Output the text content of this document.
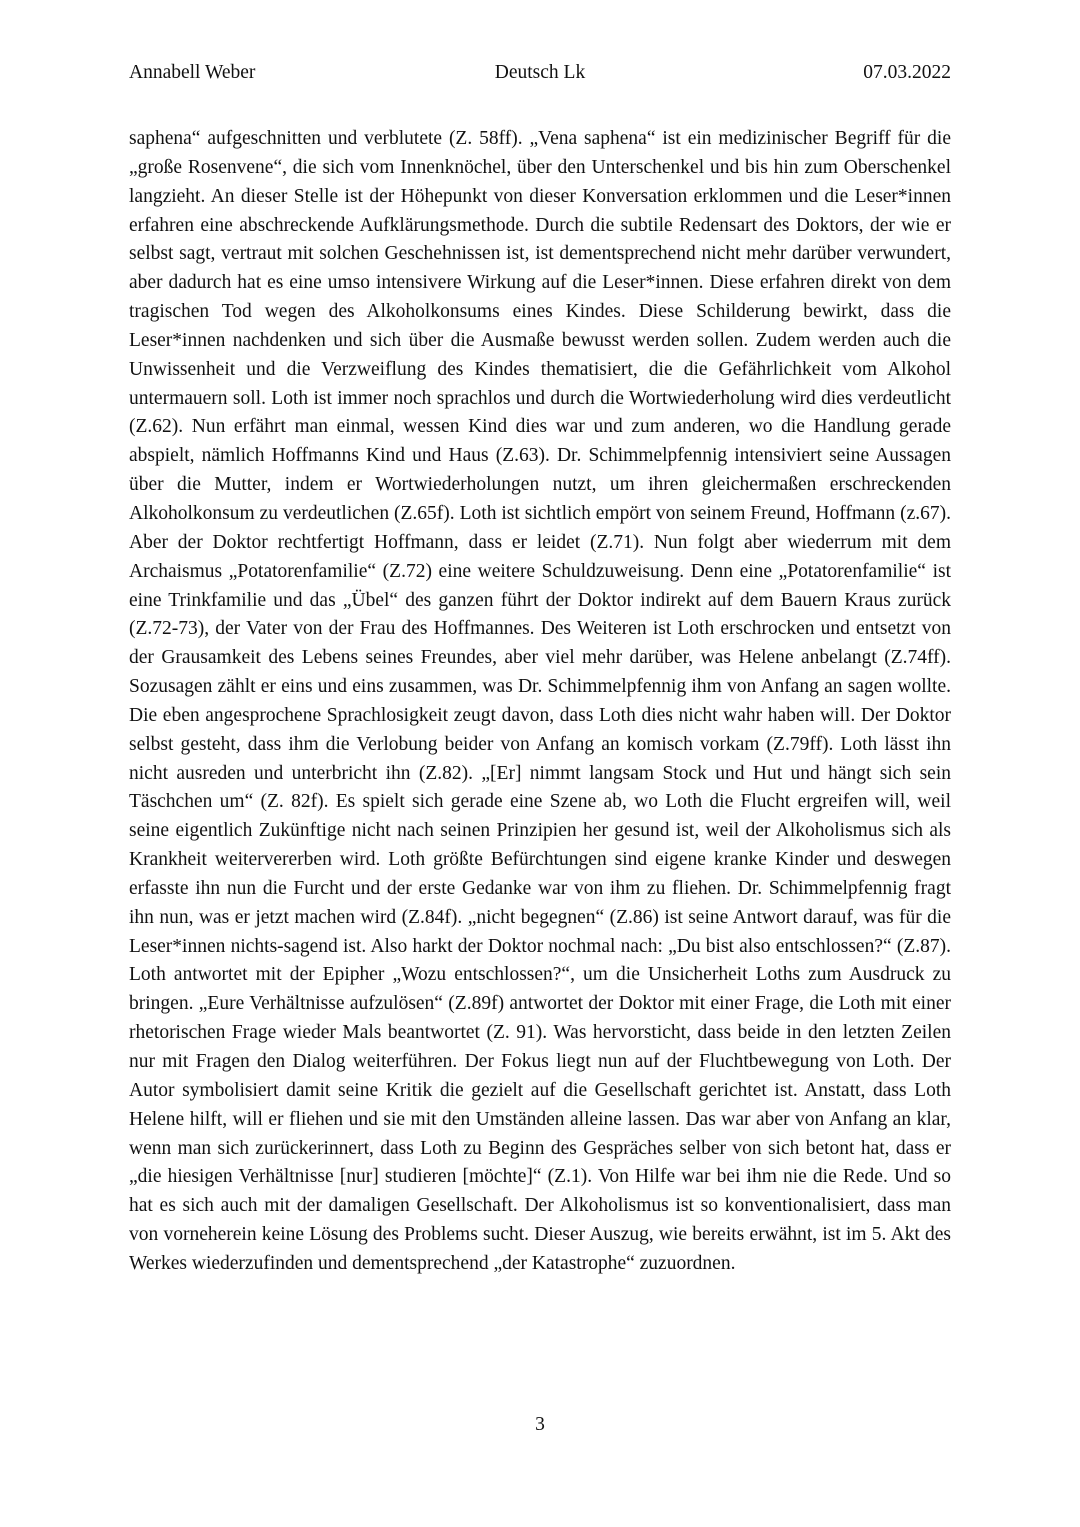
Annabell Weber	Deutsch Lk	07.03.2022

saphena“ aufgeschnitten und verblutete (Z. 58ff). „Vena saphena“ ist ein medizinischer Begriff für die „große Rosenvene“, die sich vom Innenknöchel, über den Unterschenkel und bis hin zum Oberschenkel langzieht. An dieser Stelle ist der Höhepunkt von dieser Konversation erklommen und die Leser*innen erfahren eine abschreckende Aufklärungsmethode. Durch die subtile Redensart des Doktors, der wie er selbst sagt, vertraut mit solchen Geschehnissen ist, ist dementsprechend nicht mehr darüber verwundert, aber dadurch hat es eine umso intensivere Wirkung auf die Leser*innen. Diese erfahren direkt von dem tragischen Tod wegen des Alkoholkonsums eines Kindes. Diese Schilderung bewirkt, dass die Leser*innen nachdenken und sich über die Ausmaße bewusst werden sollen. Zudem werden auch die Unwissenheit und die Verzweiflung des Kindes thematisiert, die die Gefährlichkeit vom Alkohol untermauern soll. Loth ist immer noch sprachlos und durch die Wortwiederholung wird dies verdeutlicht (Z.62). Nun erfährt man einmal, wessen Kind dies war und zum anderen, wo die Handlung gerade abspielt, nämlich Hoffmanns Kind und Haus (Z.63). Dr. Schimmelpfennig intensiviert seine Aussagen über die Mutter, indem er Wortwiederholungen nutzt, um ihren gleichermaßen erschreckenden Alkoholkonsum zu verdeutlichen (Z.65f). Loth ist sichtlich empört von seinem Freund, Hoffmann (z.67). Aber der Doktor rechtfertigt Hoffmann, dass er leidet (Z.71). Nun folgt aber wiederrum mit dem Archaismus „Potatorenfamilie“ (Z.72) eine weitere Schuldzuweisung. Denn eine „Potatorenfamilie“ ist eine Trinkfamilie und das „Übel“ des ganzen führt der Doktor indirekt auf dem Bauern Kraus zurück (Z.72-73), der Vater von der Frau des Hoffmannes. Des Weiteren ist Loth erschrocken und entsetzt von der Grausamkeit des Lebens seines Freundes, aber viel mehr darüber, was Helene anbelangt (Z.74ff). Sozusagen zählt er eins und eins zusammen, was Dr. Schimmelpfennig ihm von Anfang an sagen wollte. Die eben angesprochene Sprachlosigkeit zeugt davon, dass Loth dies nicht wahr haben will. Der Doktor selbst gesteht, dass ihm die Verlobung beider von Anfang an komisch vorkam (Z.79ff). Loth lässt ihn nicht ausreden und unterbricht ihn (Z.82). „[Er] nimmt langsam Stock und Hut und hängt sich sein Täschchen um“ (Z. 82f). Es spielt sich gerade eine Szene ab, wo Loth die Flucht ergreifen will, weil seine eigentlich Zukünftige nicht nach seinen Prinzipien her gesund ist, weil der Alkoholismus sich als Krankheit weitervererben wird. Loth größte Befürchtungen sind eigene kranke Kinder und deswegen erfasste ihn nun die Furcht und der erste Gedanke war von ihm zu fliehen. Dr. Schimmelpfennig fragt ihn nun, was er jetzt machen wird (Z.84f). „nicht begegnen“ (Z.86) ist seine Antwort darauf, was für die Leser*innen nichts-sagend ist. Also harkt der Doktor nochmal nach: „Du bist also entschlossen?“ (Z.87). Loth antwortet mit der Epipher „Wozu entschlossen?“, um die Unsicherheit Loths zum Ausdruck zu bringen. „Eure Verhältnisse aufzulösen“ (Z.89f) antwortet der Doktor mit einer Frage, die Loth mit einer rhetorischen Frage wieder Mals beantwortet (Z. 91). Was hervorsticht, dass beide in den letzten Zeilen nur mit Fragen den Dialog weiterführen. Der Fokus liegt nun auf der Fluchtbewegung von Loth. Der Autor symbolisiert damit seine Kritik die gezielt auf die Gesellschaft gerichtet ist. Anstatt, dass Loth Helene hilft, will er fliehen und sie mit den Umständen alleine lassen. Das war aber von Anfang an klar, wenn man sich zurückerinnert, dass Loth zu Beginn des Gespräches selber von sich betont hat, dass er „die hiesigen Verhältnisse [nur] studieren [möchte]“ (Z.1). Von Hilfe war bei ihm nie die Rede. Und so hat es sich auch mit der damaligen Gesellschaft. Der Alkoholismus ist so konventionalisiert, dass man von vorneherein keine Lösung des Problems sucht. Dieser Auszug, wie bereits erwähnt, ist im 5. Akt des Werkes wiederzufinden und dementsprechend „der Katastrophe“ zuzuordnen.

3
